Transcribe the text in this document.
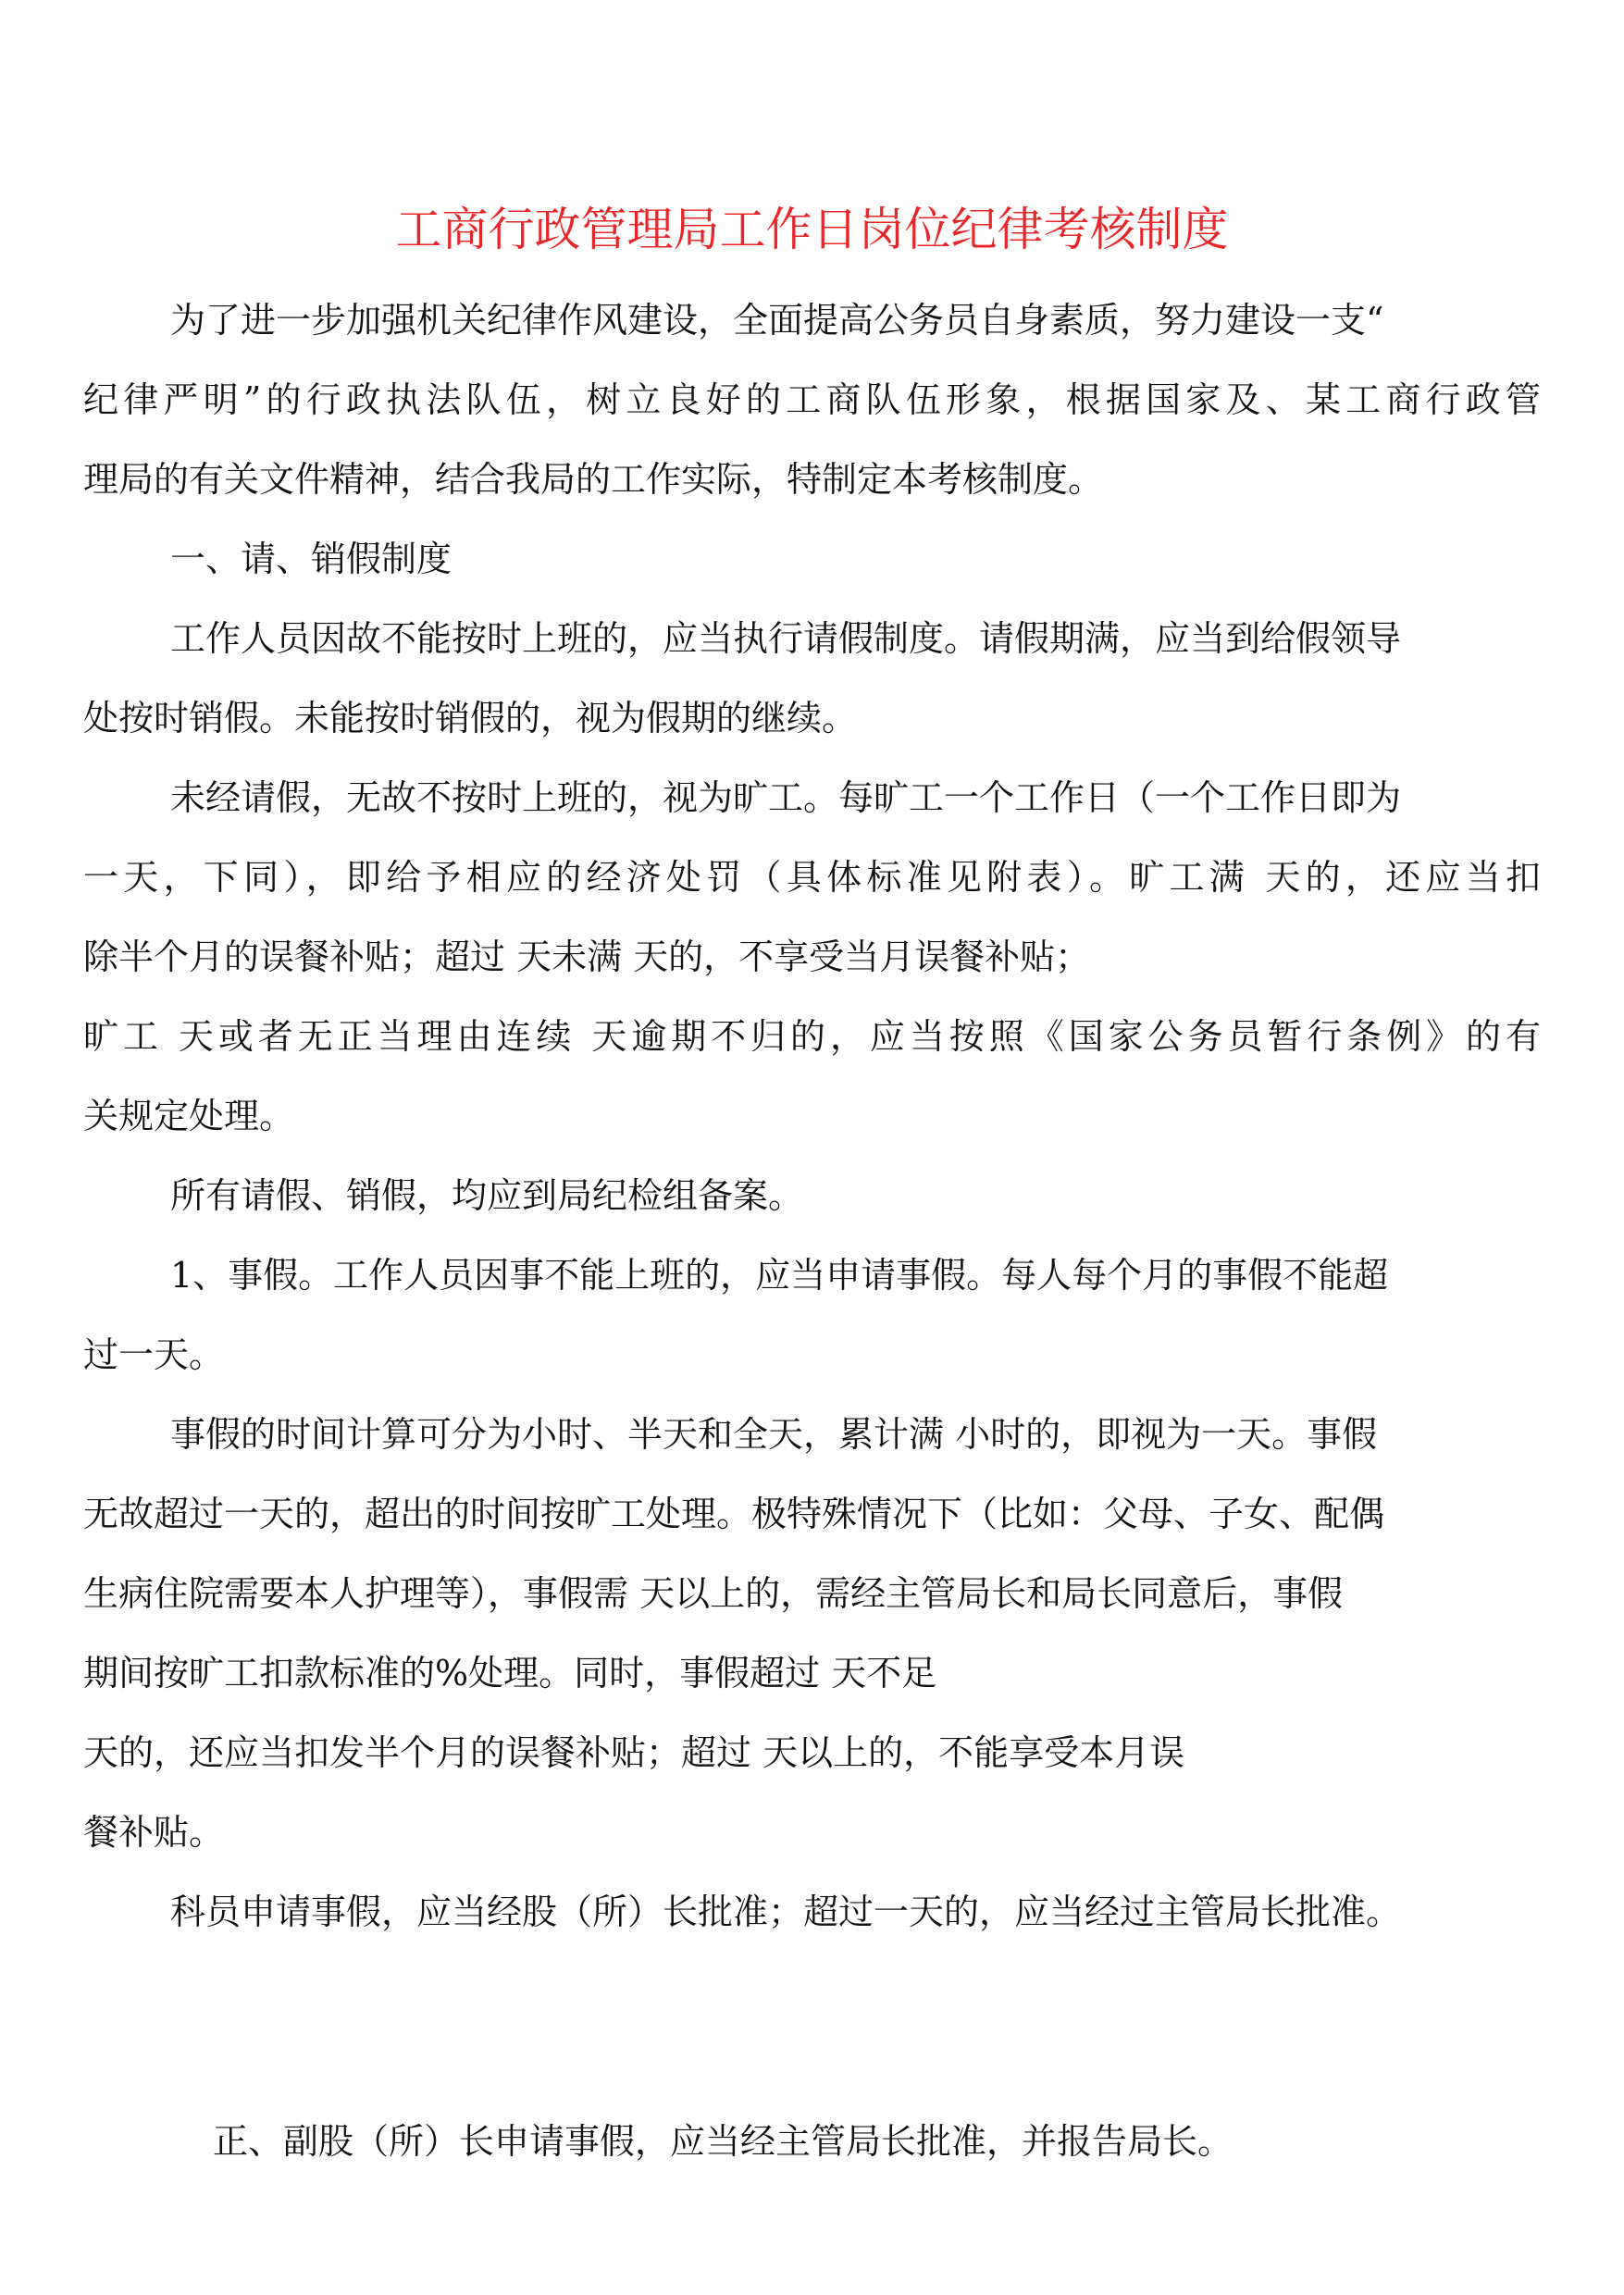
工商行政管理局工作日岗位纪律考核制度

为了进一步加强机关纪律作风建设，全面提高公务员自身素质，努力建设一支“

纪律严明”的行政执法队伍，树立良好的工商队伍形象，根据国家及、某工商行政管

理局的有关文件精神，结合我局的工作实际，特制定本考核制度。

一、请、销假制度

工作人员因故不能按时上班的，应当执行请假制度。请假期满，应当到给假领导

处按时销假。未能按时销假的，视为假期的继续。

未经请假，无故不按时上班的，视为旷工。每旷工一个工作日（一个工作日即为

一天，下同），即给予相应的经济处罚（具体标准见附表）。旷工满 天的，还应当扣

除半个月的误餐补贴；超过 天未满 天的，不享受当月误餐补贴；

旷工 天或者无正当理由连续 天逾期不归的，应当按照《国家公务员暂行条例》的有

关规定处理。

所有请假、销假，均应到局纪检组备案。

1、事假。工作人员因事不能上班的，应当申请事假。每人每个月的事假不能超

过一天。

事假的时间计算可分为小时、半天和全天，累计满 小时的，即视为一天。事假

无故超过一天的，超出的时间按旷工处理。极特殊情况下（比如：父母、子女、配偶

生病住院需要本人护理等），事假需 天以上的，需经主管局长和局长同意后，事假

期间按旷工扣款标准的%处理。同时，事假超过 天不足

天的，还应当扣发半个月的误餐补贴；超过 天以上的，不能享受本月误

餐补贴。

科员申请事假，应当经股（所）长批准；超过一天的，应当经过主管局长批准。

正、副股（所）长申请事假，应当经主管局长批准，并报告局长。
